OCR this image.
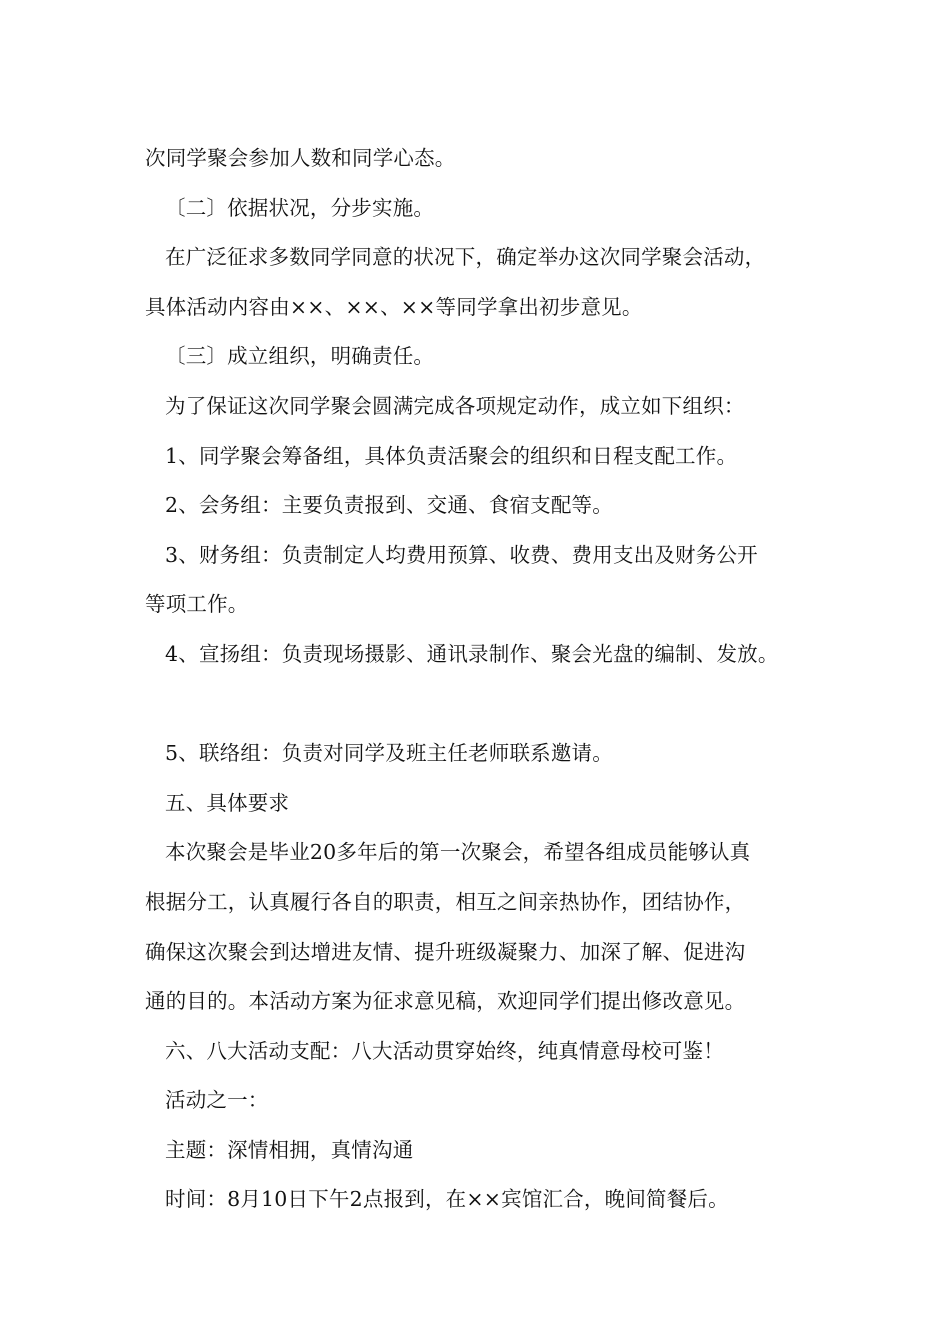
次同学聚会参加人数和同学心态。
〔二〕依据状况，分步实施。
在广泛征求多数同学同意的状况下，确定举办这次同学聚会活动，
具体活动内容由××、××、××等同学拿出初步意见。
〔三〕成立组织，明确责任。
为了保证这次同学聚会圆满完成各项规定动作，成立如下组织：
1、同学聚会筹备组，具体负责活聚会的组织和日程支配工作。
2、会务组：主要负责报到、交通、食宿支配等。
3、财务组：负责制定人均费用预算、收费、费用支出及财务公开
等项工作。
4、宣扬组：负责现场摄影、通讯录制作、聚会光盘的编制、发放。
5、联络组：负责对同学及班主任老师联系邀请。
五、具体要求
本次聚会是毕业20多年后的第一次聚会，希望各组成员能够认真
根据分工，认真履行各自的职责，相互之间亲热协作，团结协作，
确保这次聚会到达增进友情、提升班级凝聚力、加深了解、促进沟
通的目的。本活动方案为征求意见稿，欢迎同学们提出修改意见。
六、八大活动支配：八大活动贯穿始终，纯真情意母校可鉴！
活动之一：
主题：深情相拥，真情沟通
时间：8月10日下午2点报到，在××宾馆汇合，晚间简餐后。
